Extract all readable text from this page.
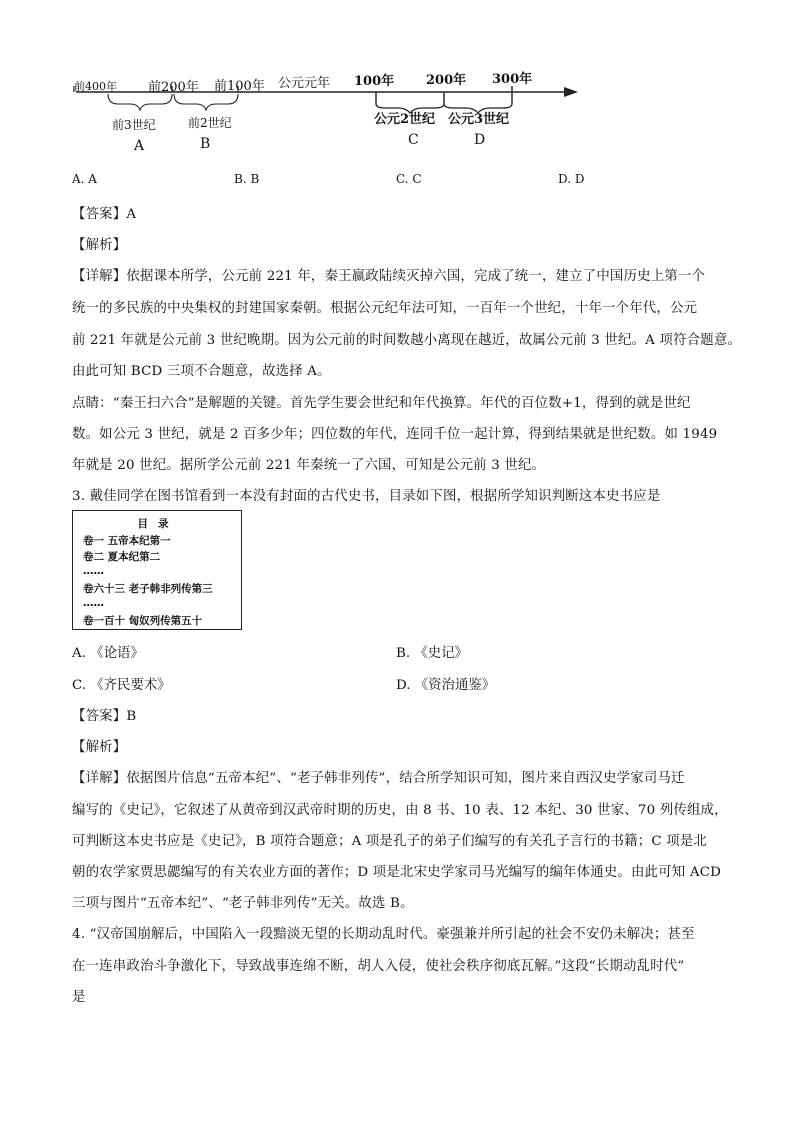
前400年 前200年 前100年 公元元年 100年 200年 300年
前3世纪	前2世纪	公元2世纪 公元3世纪
A	B	C	D
A. A	B. B	C. C	D. D
【答案】A
【解析】
【详解】依据课本所学，公元前 221 年，秦王嬴政陆续灭掉六国，完成了统一，建立了中国历史上第一个
统一的多民族的中央集权的封建国家秦朝。根据公元纪年法可知，一百年一个世纪，十年一个年代，公元
前 221 年就是公元前 3 世纪晚期。因为公元前的时间数越小离现在越近，故属公元前 3 世纪。A 项符合题意。
由此可知 BCD 三项不合题意，故选择 A。
点睛：“秦王扫六合”是解题的关键。首先学生要会世纪和年代换算。年代的百位数+1，得到的就是世纪
数。如公元 3 世纪，就是 2 百多少年；四位数的年代，连同千位一起计算，得到结果就是世纪数。如 1949
年就是 20 世纪。据所学公元前 221 年秦统一了六国，可知是公元前 3 世纪。
3. 戴佳同学在图书馆看到一本没有封面的古代史书，目录如下图，根据所学知识判断这本史书应是
目录
卷一 五帝本纪第一
卷二 夏本纪第二
……
卷六十三 老子韩非列传第三
……
卷一百十 匈奴列传第五十
A. 《论语》	B. 《史记》
C. 《齐民要术》	D. 《资治通鉴》
【答案】B
【解析】
【详解】依据图片信息“五帝本纪”、“老子韩非列传”，结合所学知识可知，图片来自西汉史学家司马迁
编写的《史记》，它叙述了从黄帝到汉武帝时期的历史，由 8 书、10 表、12 本纪、30 世家、70 列传组成，
可判断这本史书应是《史记》，B 项符合题意；A 项是孔子的弟子们编写的有关孔子言行的书籍；C 项是北
朝的农学家贾思勰编写的有关农业方面的著作；D 项是北宋史学家司马光编写的编年体通史。由此可知 ACD
三项与图片“五帝本纪”、“老子韩非列传”无关。故选 B。
4. “汉帝国崩解后，中国陷入一段黯淡无望的长期动乱时代。豪强兼并所引起的社会不安仍未解决；甚至
在一连串政治斗争激化下，导致战事连绵不断，胡人入侵，使社会秩序彻底瓦解。”这段“长期动乱时代”
是
